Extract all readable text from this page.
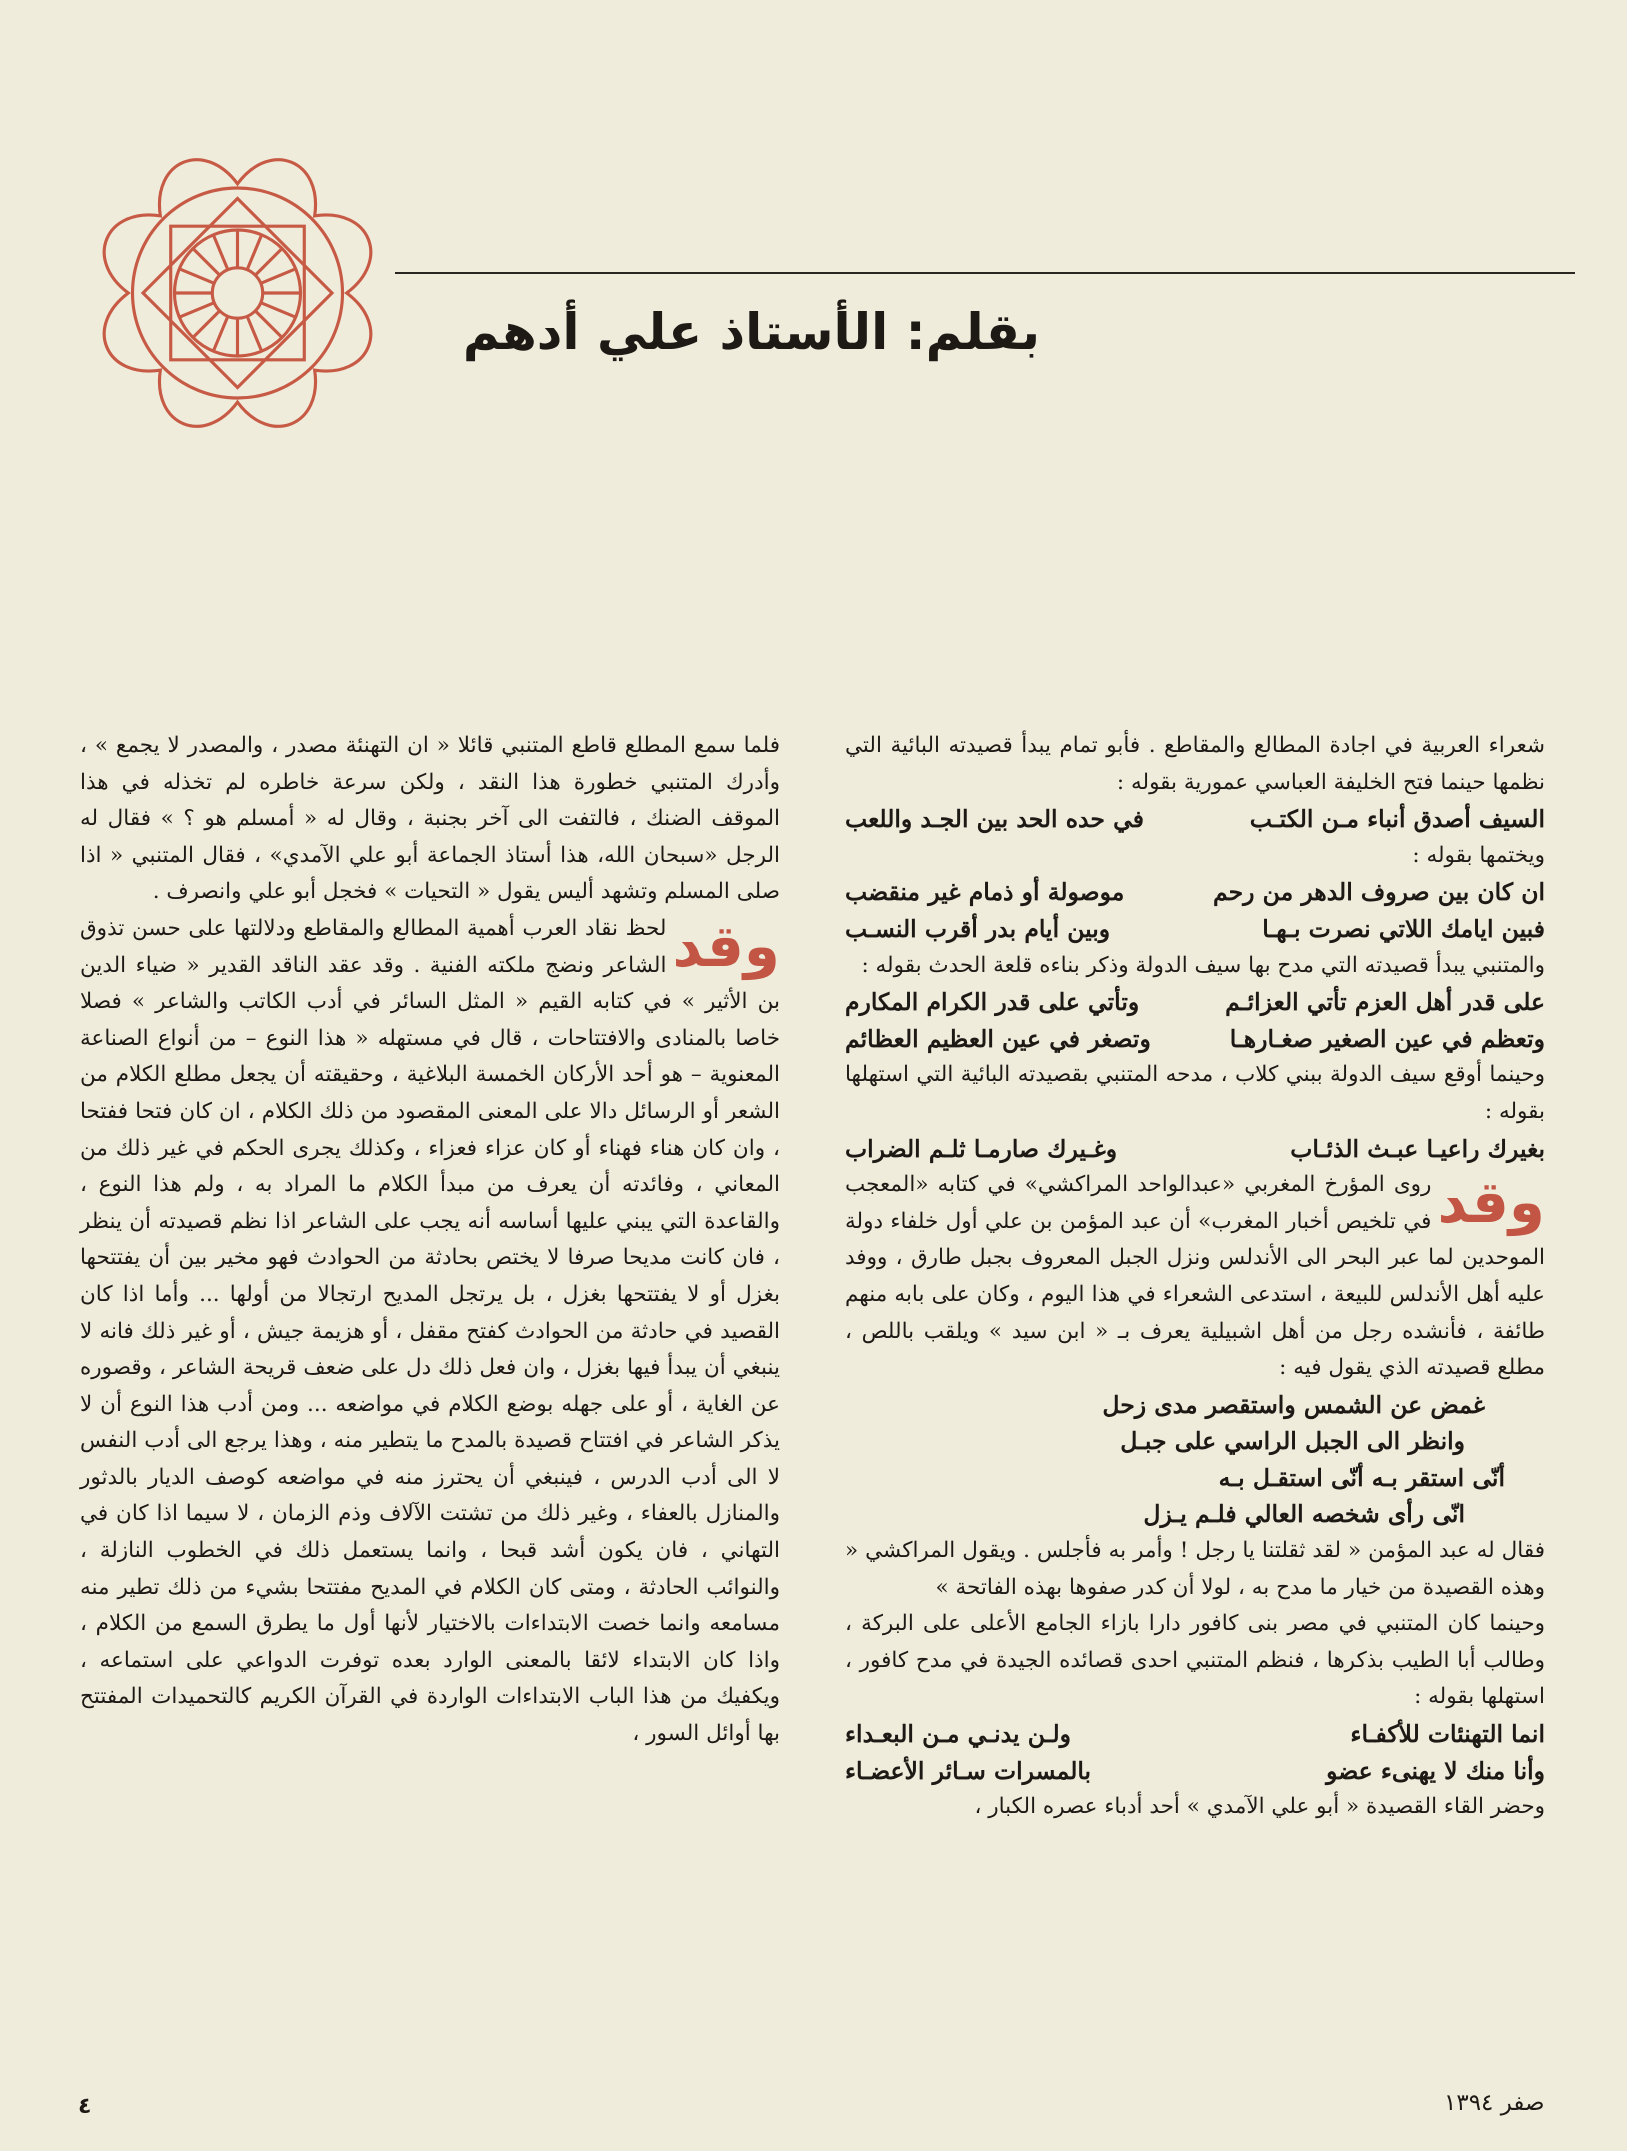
بقلم: الأستاذ علي أدهم
شعراء العربية في اجادة المطالع والمقاطع . فأبو تمام يبدأ قصيدته البائية التي نظمها حينما فتح الخليفة العباسي عمورية بقوله :
السيف أصدق أنباء مـن الكتـب
في حده الحد بين الجـد واللعب
ويختمها بقوله :
ان كان بين صروف الدهر من رحم
موصولة أو ذمام غير منقضب
فبين ايامك اللاتي نصرت بـهـا
وبين أيام بدر أقرب النسـب
والمتنبي يبدأ قصيدته التي مدح بها سيف الدولة وذكر بناءه قلعة الحدث بقوله :
على قدر أهل العزم تأتي العزائـم
وتأتي على قدر الكرام المكارم
وتعظم في عين الصغير صغـارهـا
وتصغر في عين العظيم العظائم
وحينما أوقع سيف الدولة ببني كلاب ، مدحه المتنبي بقصيدته البائية التي استهلها بقوله :
بغيرك راعيـا عبـث الذئـاب
وغـيرك صارمـا ثلـم الضراب
وقد
روى المؤرخ المغربي «عبدالواحد المراكشي» في كتابه «المعجب في تلخيص أخبار المغرب» أن عبد المؤمن بن علي أول خلفاء دولة الموحدين لما عبر البحر الى الأندلس ونزل الجبل المعروف بجبل طارق ، ووفد عليه أهل الأندلس للبيعة ، استدعى الشعراء في هذا اليوم ، وكان على بابه منهم طائفة ، فأنشده رجل من أهل اشبيلية يعرف بـ « ابن سيد » ويلقب باللص ، مطلع قصيدته الذي يقول فيه :
غمض عن الشمس واستقصر مدى زحل
وانظر الى الجبل الراسي على جبـل
أنّى استقر بـه أنّى استقـل بـه
انّى رأى شخصه العالي فلـم يـزل
فقال له عبد المؤمن « لقد ثقلتنا يا رجل ! وأمر به فأجلس . ويقول المراكشي « وهذه القصيدة من خيار ما مدح به ، لولا أن كدر صفوها بهذه الفاتحة »
وحينما كان المتنبي في مصر بنى كافور دارا بازاء الجامع الأعلى على البركة ، وطالب أبا الطيب بذكرها ، فنظم المتنبي احدى قصائده الجيدة في مدح كافور ، استهلها بقوله :
انما التهنئات للأكفـاء
ولـن يدنـي مـن البعـداء
وأنا منك لا يهنىء عضو
بالمسرات سـائر الأعضـاء
وحضر القاء القصيدة « أبو علي الآمدي » أحد أدباء عصره الكبار ،
فلما سمع المطلع قاطع المتنبي قائلا « ان التهنئة مصدر ، والمصدر لا يجمع » ، وأدرك المتنبي خطورة هذا النقد ، ولكن سرعة خاطره لم تخذله في هذا الموقف الضنك ، فالتفت الى آخر بجنبة ، وقال له « أمسلم هو ؟ » فقال له الرجل «سبحان الله، هذا أستاذ الجماعة أبو علي الآمدي» ، فقال المتنبي « اذا صلى المسلم وتشهد أليس يقول « التحيات » فخجل أبو علي وانصرف .
وقد
لحظ نقاد العرب أهمية المطالع والمقاطع ودلالتها على حسن تذوق الشاعر ونضج ملكته الفنية . وقد عقد الناقد القدير « ضياء الدين بن الأثير » في كتابه القيم « المثل السائر في أدب الكاتب والشاعر » فصلا خاصا بالمنادى والافتتاحات ، قال في مستهله « هذا النوع – من أنواع الصناعة المعنوية – هو أحد الأركان الخمسة البلاغية ، وحقيقته أن يجعل مطلع الكلام من الشعر أو الرسائل دالا على المعنى المقصود من ذلك الكلام ، ان كان فتحا ففتحا ، وان كان هناء فهناء أو كان عزاء فعزاء ، وكذلك يجرى الحكم في غير ذلك من المعاني ، وفائدته أن يعرف من مبدأ الكلام ما المراد به ، ولم هذا النوع ، والقاعدة التي يبني عليها أساسه أنه يجب على الشاعر اذا نظم قصيدته أن ينظر ، فان كانت مديحا صرفا لا يختص بحادثة من الحوادث فهو مخير بين أن يفتتحها بغزل أو لا يفتتحها بغزل ، بل يرتجل المديح ارتجالا من أولها ... وأما اذا كان القصيد في حادثة من الحوادث كفتح مقفل ، أو هزيمة جيش ، أو غير ذلك فانه لا ينبغي أن يبدأ فيها بغزل ، وان فعل ذلك دل على ضعف قريحة الشاعر ، وقصوره عن الغاية ، أو على جهله بوضع الكلام في مواضعه ... ومن أدب هذا النوع أن لا يذكر الشاعر في افتتاح قصيدة بالمدح ما يتطير منه ، وهذا يرجع الى أدب النفس لا الى أدب الدرس ، فينبغي أن يحترز منه في مواضعه كوصف الديار بالدثور والمنازل بالعفاء ، وغير ذلك من تشتت الآلاف وذم الزمان ، لا سيما اذا كان في التهاني ، فان يكون أشد قبحا ، وانما يستعمل ذلك في الخطوب النازلة ، والنوائب الحادثة ، ومتى كان الكلام في المديح مفتتحا بشيء من ذلك تطير منه مسامعه وانما خصت الابتداءات بالاختيار لأنها أول ما يطرق السمع من الكلام ، واذا كان الابتداء لائقا بالمعنى الوارد بعده توفرت الدواعي على استماعه ، ويكفيك من هذا الباب الابتداءات الواردة في القرآن الكريم كالتحميدات المفتتح بها أوائل السور ،
٤	صفر ١٣٩٤
